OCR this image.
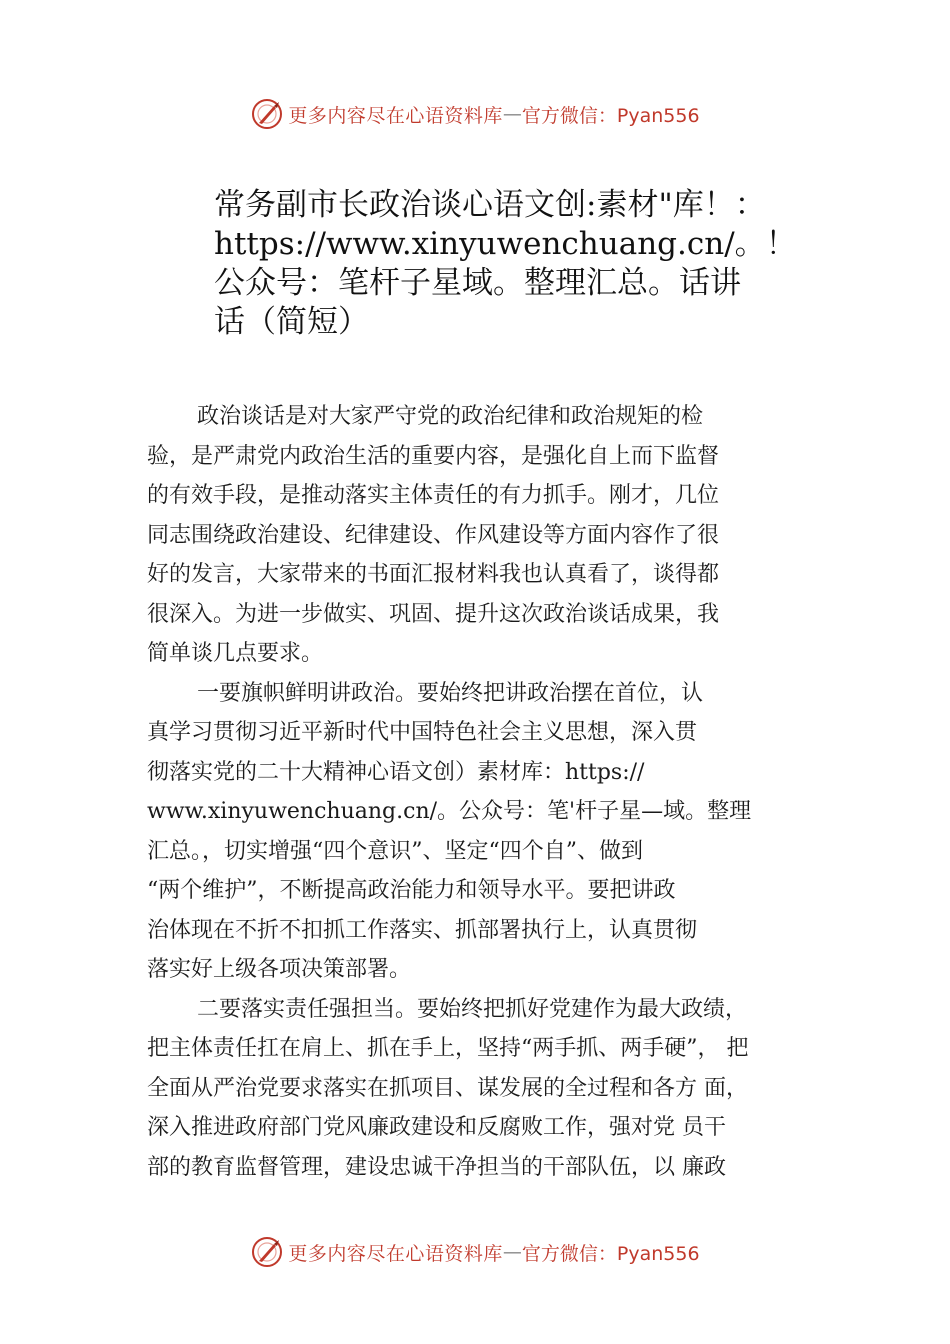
更多内容尽在心语资料库 — 官方微信：Pyan556
常务副市长政治谈心语文创:素材"库！：
https://www.xinyuwenchuang.cn/。！
公众号：笔杆子星域。整理汇总。话讲
话（简短）
政治谈话是对大家严守党的政治纪律和政治规矩的检
验，是严肃党内政治生活的重要内容，是强化自上而下监督
的有效手段，是推动落实主体责任的有力抓手。刚才，几位
同志围绕政治建设、纪律建设、作风建设等方面内容作了很
好的发言，大家带来的书面汇报材料我也认真看了，谈得都
很深入。为进一步做实、巩固、提升这次政治谈话成果，我
简单谈几点要求。
一要旗帜鲜明讲政治。要始终把讲政治摆在首位，认
真学习贯彻习近平新时代中国特色社会主义思想，深入贯
彻落实党的二十大精神心语文创）素材库：https://
www.xinyuwenchuang.cn/。公众号：笔'杆子星—域。整理
汇总。，切实增强“四个意识”、坚定“四个自”、做到
“两个维护”，不断提高政治能力和领导水平。要把讲政
治体现在不折不扣抓工作落实、抓部署执行上，认真贯彻
落实好上级各项决策部署。
二要落实责任强担当。要始终把抓好党建作为最大政绩，
把主体责任扛在肩上、抓在手上，坚持“两手抓、两手硬”， 把
全面从严治党要求落实在抓项目、谋发展的全过程和各方 面，
深入推进政府部门党风廉政建设和反腐败工作，强对党 员干
部的教育监督管理，建设忠诚干净担当的干部队伍，以 廉政
更多内容尽在心语资料库 — 官方微信：Pyan556
